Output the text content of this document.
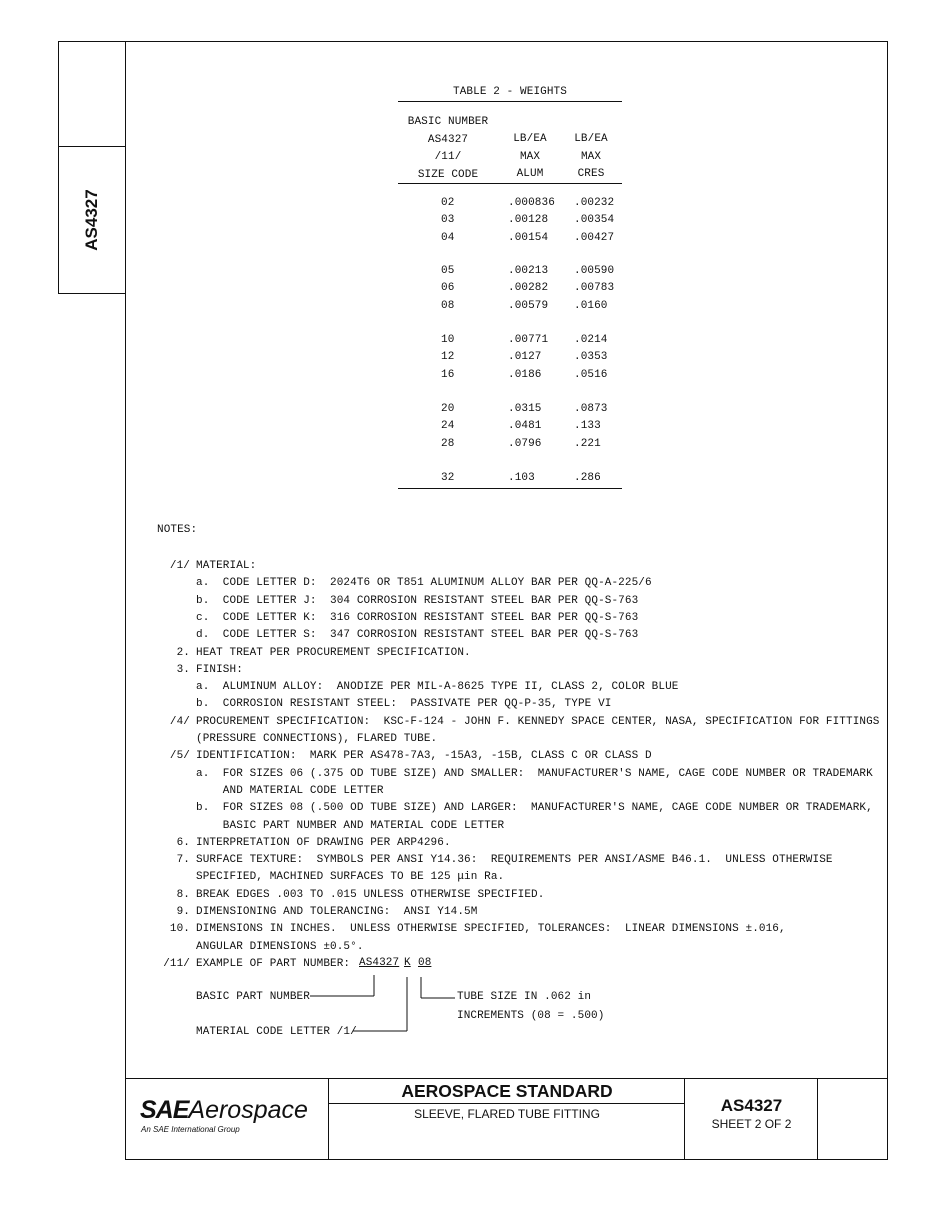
AS4327
TABLE 2 - WEIGHTS
BASIC NUMBER
AS4327
/11/
SIZE CODE
LB/EA
MAX
ALUM
LB/EA
MAX
CRES
02	.000836 .00232
03	.00128 .00354
04	.00154 .00427
05	.00213 .00590
06	.00282 .00783
08	.00579 .0160
10	.00771 .0214
12	.0127	.0353
16	.0186	.0516
20	.0315	.0873
24	.0481	.133
28	.0796	.221
32	.103	.286
NOTES:
/1/ MATERIAL:
a.  CODE LETTER D:  2024T6 OR T851 ALUMINUM ALLOY BAR PER QQ-A-225/6
b.  CODE LETTER J:  304 CORROSION RESISTANT STEEL BAR PER QQ-S-763
c.  CODE LETTER K:  316 CORROSION RESISTANT STEEL BAR PER QQ-S-763
d.  CODE LETTER S:  347 CORROSION RESISTANT STEEL BAR PER QQ-S-763
2. HEAT TREAT PER PROCUREMENT SPECIFICATION.
3. FINISH:
a.  ALUMINUM ALLOY:  ANODIZE PER MIL-A-8625 TYPE II, CLASS 2, COLOR BLUE
b.  CORROSION RESISTANT STEEL:  PASSIVATE PER QQ-P-35, TYPE VI
/4/ PROCUREMENT SPECIFICATION:  KSC-F-124 - JOHN F. KENNEDY SPACE CENTER, NASA, SPECIFICATION FOR FITTINGS
(PRESSURE CONNECTIONS), FLARED TUBE.
/5/ IDENTIFICATION:  MARK PER AS478-7A3, -15A3, -15B, CLASS C OR CLASS D
a.  FOR SIZES 06 (.375 OD TUBE SIZE) AND SMALLER:  MANUFACTURER'S NAME, CAGE CODE NUMBER OR TRADEMARK
AND MATERIAL CODE LETTER
b.  FOR SIZES 08 (.500 OD TUBE SIZE) AND LARGER:  MANUFACTURER'S NAME, CAGE CODE NUMBER OR TRADEMARK,
BASIC PART NUMBER AND MATERIAL CODE LETTER
6. INTERPRETATION OF DRAWING PER ARP4296.
7. SURFACE TEXTURE:  SYMBOLS PER ANSI Y14.36:  REQUIREMENTS PER ANSI/ASME B46.1.  UNLESS OTHERWISE
SPECIFIED, MACHINED SURFACES TO BE 125 μin Ra.
8. BREAK EDGES .003 TO .015 UNLESS OTHERWISE SPECIFIED.
9. DIMENSIONING AND TOLERANCING:  ANSI Y14.5M
10. DIMENSIONS IN INCHES.  UNLESS OTHERWISE SPECIFIED, TOLERANCES:  LINEAR DIMENSIONS ±.016,
ANGULAR DIMENSIONS ±0.5°.
/11/ EXAMPLE OF PART NUMBER: AS4327 K 08
BASIC PART NUMBER	TUBE SIZE IN .062 in
INCREMENTS (08 = .500)
MATERIAL CODE LETTER /1/
SAEAerospace
An SAE International Group
AEROSPACE STANDARD
SLEEVE, FLARED TUBE FITTING	AS4327
SHEET 2 OF 2
